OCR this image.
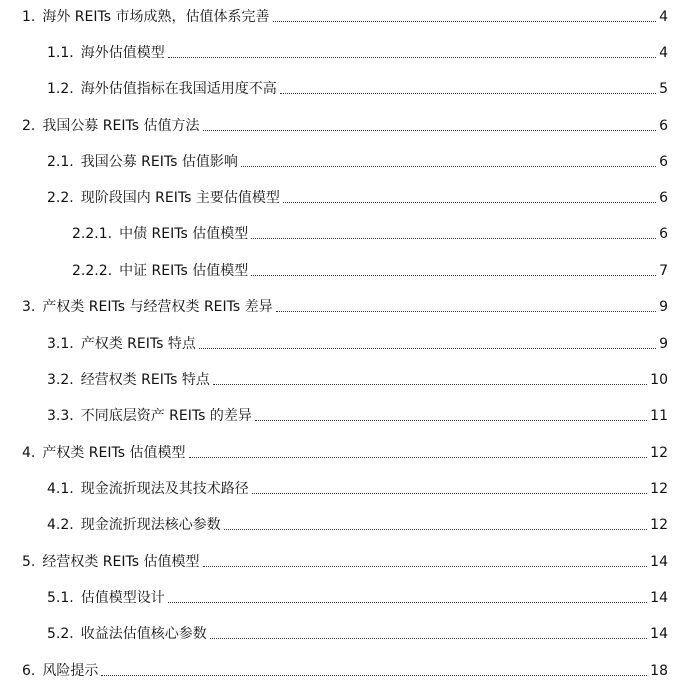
1. 海外 REITs 市场成熟，估值体系完善	4
1.1. 海外估值模型	4
1.2. 海外估值指标在我国适用度不高	5
2. 我国公募 REITs 估值方法	6
2.1. 我国公募 REITs 估值影响	6
2.2. 现阶段国内 REITs 主要估值模型	6
2.2.1. 中债 REITs 估值模型	6
2.2.2. 中证 REITs 估值模型	7
3. 产权类 REITs 与经营权类 REITs 差异	9
3.1. 产权类 REITs 特点	9
3.2. 经营权类 REITs 特点	10
3.3. 不同底层资产 REITs 的差异	11
4. 产权类 REITs 估值模型	12
4.1. 现金流折现法及其技术路径	12
4.2. 现金流折现法核心参数	12
5. 经营权类 REITs 估值模型	14
5.1. 估值模型设计	14
5.2. 收益法估值核心参数	14
6. 风险提示	18
